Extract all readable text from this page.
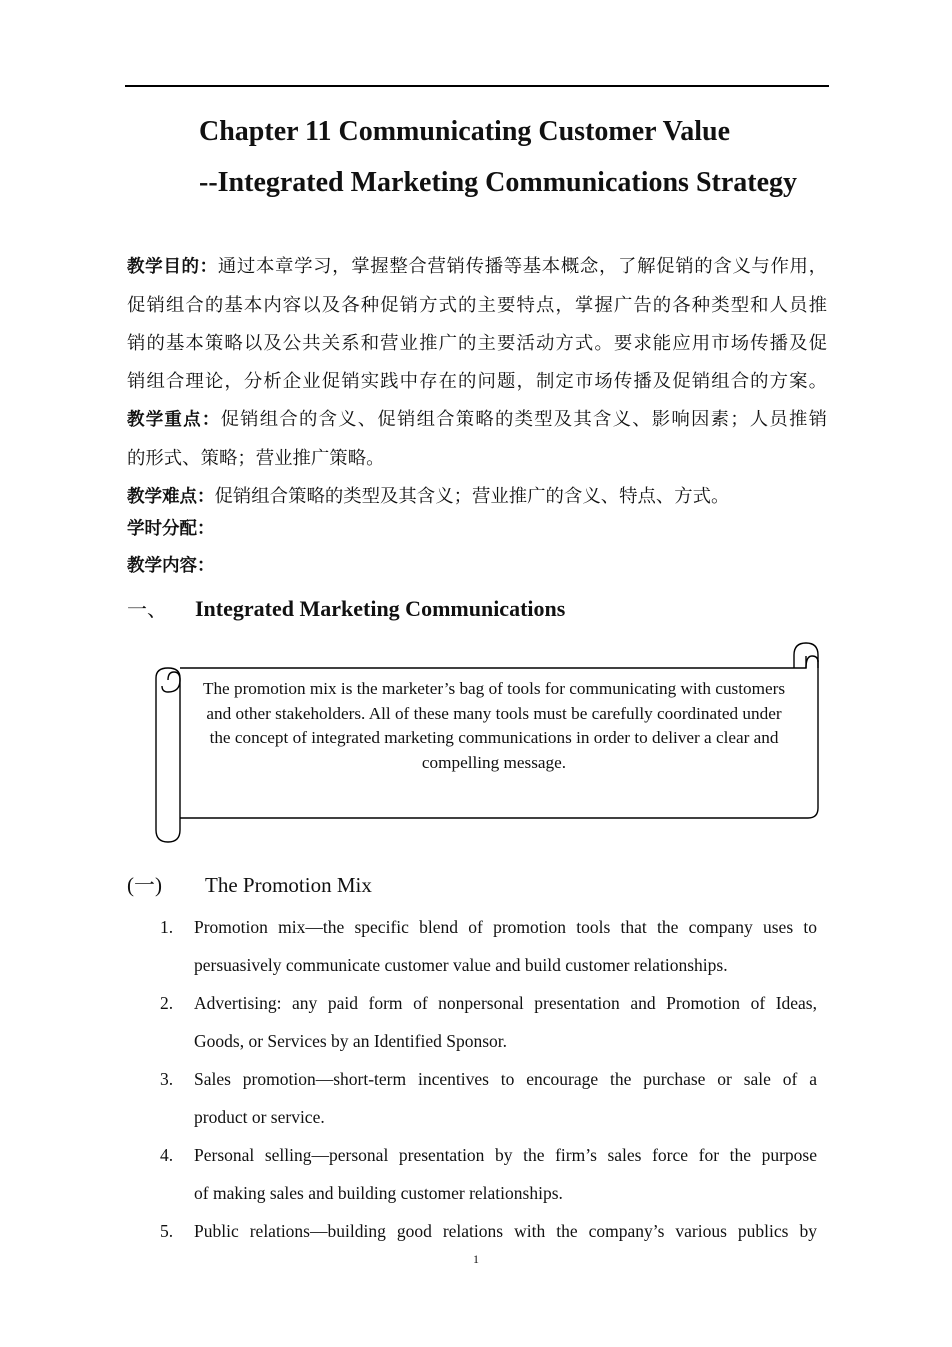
Chapter 11 Communicating Customer Value
--Integrated Marketing Communications Strategy

教学目的：通过本章学习，掌握整合营销传播等基本概念，了解促销的含义与作用，

促销组合的基本内容以及各种促销方式的主要特点，掌握广告的各种类型和人员推

销的基本策略以及公共关系和营业推广的主要活动方式。要求能应用市场传播及促

销组合理论，分析企业促销实践中存在的问题，制定市场传播及促销组合的方案。

教学重点：促销组合的含义、促销组合策略的类型及其含义、影响因素；人员推销

的形式、策略；营业推广策略。

教学难点：促销组合策略的类型及其含义；营业推广的含义、特点、方式。

学时分配：
教学内容：
一、 Integrated Marketing Communications
The promotion mix is the marketer’s bag of tools for communicating with customers and other stakeholders. All of these many tools must be carefully coordinated under the concept of integrated marketing communications in order to deliver a clear and compelling message.
(一) The Promotion Mix
1. Promotion mix—the specific blend of promotion tools that the company uses to
persuasively communicate customer value and build customer relationships.
2. Advertising: any paid form of nonpersonal presentation and Promotion of Ideas,
Goods, or Services by an Identified Sponsor.
3. Sales promotion—short-term incentives to encourage the purchase or sale of a
product or service.
4. Personal selling—personal presentation by the firm’s sales force for the purpose
of making sales and building customer relationships.
5. Public relations—building good relations with the company’s various publics by
1
